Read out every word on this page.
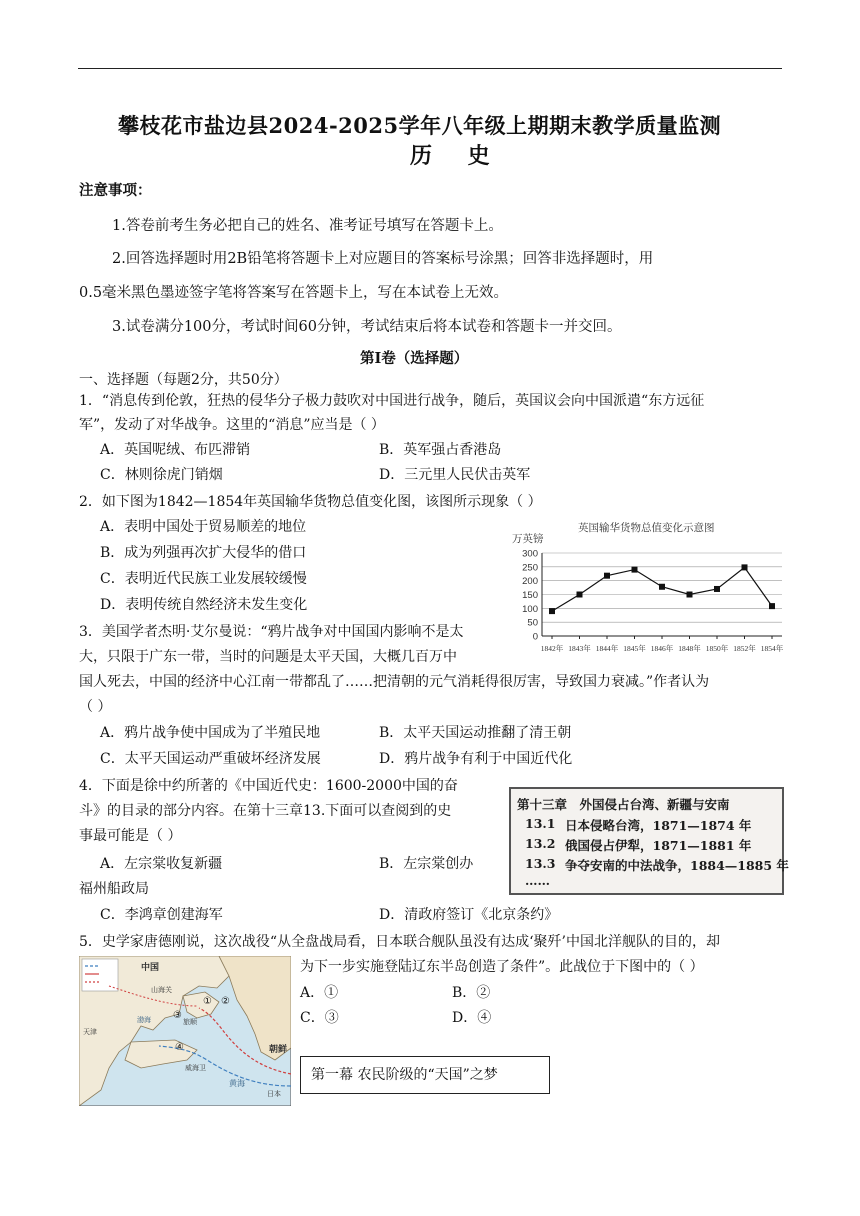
攀枝花市盐边县2024-2025学年八年级上期期末教学质量监测
历 史
注意事项：
1.答卷前考生务必把自己的姓名、准考证号填写在答题卡上。
2.回答选择题时用2B铅笔将答题卡上对应题目的答案标号涂黑；回答非选择题时，用
0.5毫米黑色墨迹签字笔将答案写在答题卡上，写在本试卷上无效。
3.试卷满分100分，考试时间60分钟，考试结束后将本试卷和答题卡一并交回。
第Ⅰ卷（选择题）
一、选择题（每题2分，共50分）
1．“消息传到伦敦，狂热的侵华分子极力鼓吹对中国进行战争，随后，英国议会向中国派遣“东方远征
军”，发动了对华战争。这里的“消息”应当是（ ）
A．英国呢绒、布匹滞销	B．英军强占香港岛
C．林则徐虎门销烟	D．三元里人民伏击英军
2．如下图为1842—1854年英国输华货物总值变化图，该图所示现象（ ）
A．表明中国处于贸易顺差的地位
B．成为列强再次扩大侵华的借口
C．表明近代民族工业发展较缓慢
D．表明传统自然经济未发生变化
英国输华货物总值变化示意图
万英镑
0
50
100
150
200
250
300
1842年 1843年 1844年 1845年 1846年 1848年 1850年 1852年 1854年
3．美国学者杰明·艾尔曼说：“鸦片战争对中国国内影响不是太
大，只限于广东一带，当时的问题是太平天国，大概几百万中
国人死去，中国的经济中心江南一带都乱了……把清朝的元气消耗得很厉害，导致国力衰减。”作者认为
（ ）
A．鸦片战争使中国成为了半殖民地	B．太平天国运动推翻了清王朝
C．太平天国运动严重破坏经济发展	D．鸦片战争有利于中国近代化
4．下面是徐中约所著的《中国近代史：1600-2000中国的奋
斗》的目录的部分内容。在第十三章13.下面可以查阅到的史
事最可能是（ ）
A．左宗棠收复新疆	B．左宗棠创办
福州船政局
C．李鸿章创建海军	D．清政府签订《北京条约》
第十三章　外国侵占台湾、新疆与安南
13.1 日本侵略台湾，1871—1874 年
13.2 俄国侵占伊犁，1871—1881 年
13.3 争夺安南的中法战争，1884—1885 年
……
5．史学家唐德刚说，这次战役“从全盘战局看，日本联合舰队虽没有达成‘聚歼’中国北洋舰队的目的，却
为下一步实施登陆辽东半岛创造了条件”。此战位于下图中的（ ）
A．①	B．②
C．③	D．④
中国
朝鲜
山海关
天津
旅顺
威海卫
黄海
日本
渤海
① ②
③
④
第一幕 农民阶级的“天国”之梦
